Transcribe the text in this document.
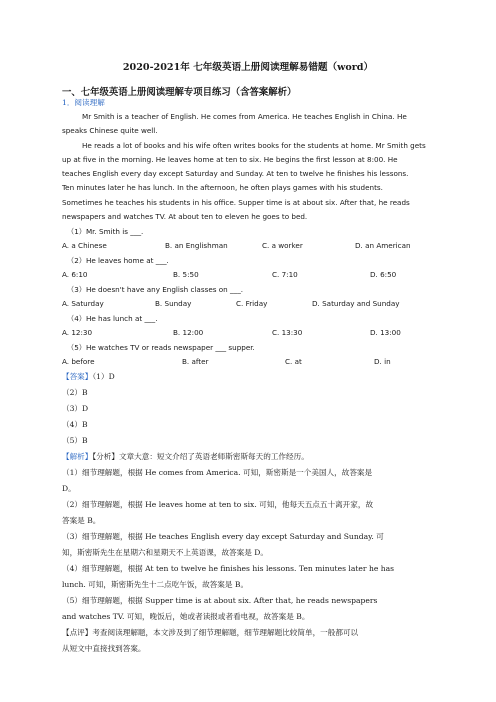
2020-2021年 七年级英语上册阅读理解易错题（word）
一、七年级英语上册阅读理解专项目练习（含答案解析）
1．阅读理解
Mr Smith is a teacher of English. He comes from America. He teaches English in China. He
speaks Chinese quite well.
He reads a lot of books and his wife often writes books for the students at home. Mr Smith gets
up at five in the morning. He leaves home at ten to six. He begins the first lesson at 8:00. He
teaches English every day except Saturday and Sunday. At ten to twelve he finishes his lessons.
Ten minutes later he has lunch. In the afternoon, he often plays games with his students.
Sometimes he teaches his students in his office. Supper time is at about six. After that, he reads
newspapers and watches TV. At about ten to eleven he goes to bed.
（1）Mr. Smith is ___.
A. a Chinese	B. an Englishman	C. a worker	D. an American
（2）He leaves home at ___.
A. 6:10	B. 5:50	C. 7:10	D. 6:50
（3）He doesn't have any English classes on ___.
A. Saturday	B. Sunday	C. Friday	D. Saturday and Sunday
（4）He has lunch at ___.
A. 12:30	B. 12:00	C. 13:30	D. 13:00
（5）He watches TV or reads newspaper ___ supper.
A. before	B. after	C. at	D. in
【答案】（1）D
（2）B
（3）D
（4）B
（5）B
【解析】【分析】文章大意：短文介绍了英语老师斯密斯每天的工作经历。
（1）细节理解题，根据 He comes from America. 可知，斯密斯是一个美国人，故答案是
D。
（2）细节理解题，根据 He leaves home at ten to six. 可知，他每天五点五十离开家，故
答案是 B。
（3）细节理解题，根据 He teaches English every day except Saturday and Sunday. 可
知，斯密斯先生在星期六和星期天不上英语课，故答案是 D。
（4）细节理解题，根据 At ten to twelve he finishes his lessons. Ten minutes later he has
lunch. 可知，斯密斯先生十二点吃午饭，故答案是 B。
（5）细节理解题，根据 Supper time is at about six. After that, he reads newspapers
and watches TV. 可知，晚饭后，她或者读报或者看电视，故答案是 B。
【点评】考查阅读理解题，本文涉及到了细节理解题，细节理解题比较简单，一般都可以
从短文中直接找到答案。
